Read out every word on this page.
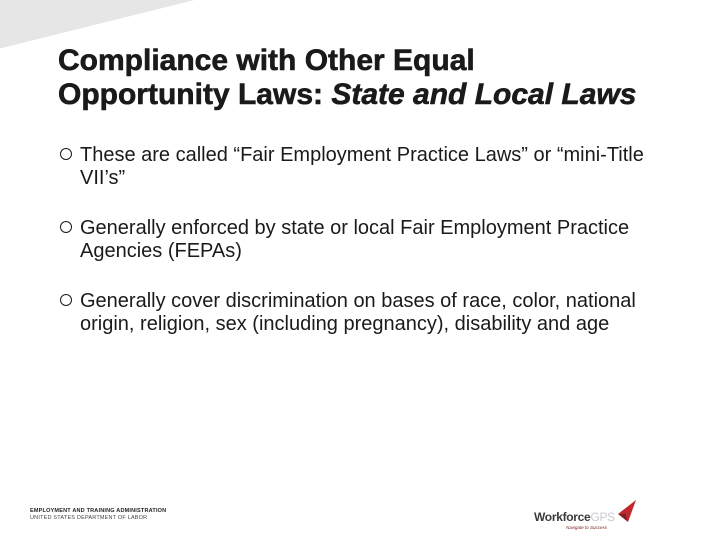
Compliance with Other Equal
Opportunity Laws: State and Local Laws
These are called “Fair Employment Practice Laws” or “mini-Title VII’s”
Generally enforced by state or local Fair Employment Practice Agencies (FEPAs)
Generally cover discrimination on bases of race, color, national origin, religion, sex (including pregnancy), disability and age
EMPLOYMENT AND TRAINING ADMINISTRATION
UNITED STATES DEPARTMENT OF LABOR	WorkforceGPS
Navigate to Success
